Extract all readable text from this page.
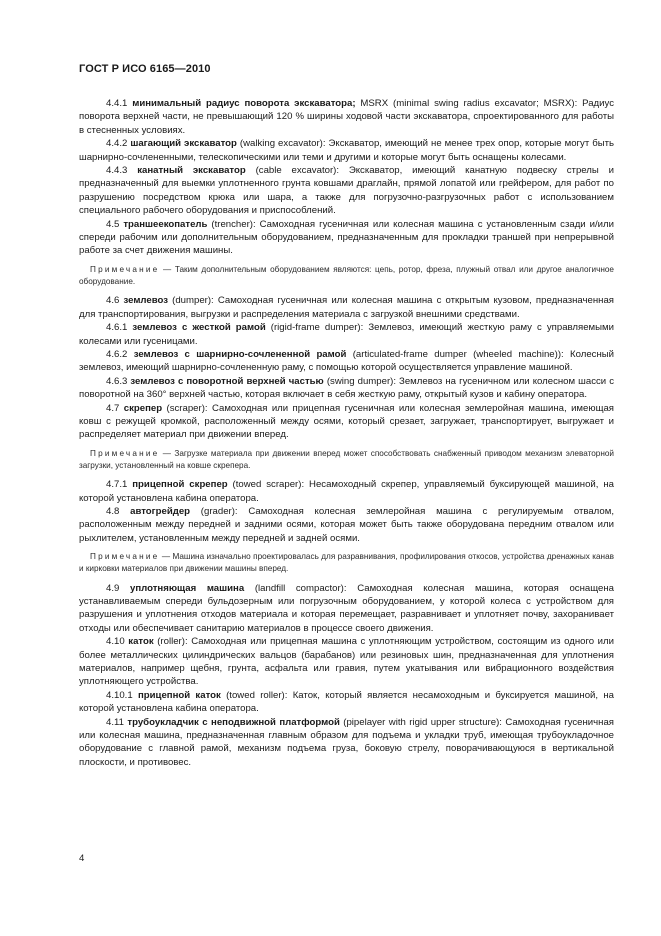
ГОСТ Р ИСО 6165—2010

4.4.1 минимальный радиус поворота экскаватора; MSRX (minimal swing radius excavator; MSRX): Радиус поворота верхней части, не превышающий 120 % ширины ходовой части экскаватора, спроектированного для работы в стесненных условиях.

4.4.2 шагающий экскаватор (walking excavator): Экскаватор, имеющий не менее трех опор, которые могут быть шарнирно-сочлененными, телескопическими или теми и другими и которые могут быть оснащены колесами.

4.4.3 канатный экскаватор (cable excavator): Экскаватор, имеющий канатную подвеску стрелы и предназначенный для выемки уплотненного грунта ковшами драглайн, прямой лопатой или грейфером, для работ по разрушению посредством крюка или шара, а также для погрузочно-разгрузочных работ с использованием специального рабочего оборудования и приспособлений.

4.5 траншеекопатель (trencher): Самоходная гусеничная или колесная машина с установленным сзади и/или спереди рабочим или дополнительным оборудованием, предназначенным для прокладки траншей при непрерывной работе за счет движения машины.

Примечание — Таким дополнительным оборудованием являются: цепь, ротор, фреза, плужный отвал или другое аналогичное оборудование.

4.6 землевоз (dumper): Самоходная гусеничная или колесная машина с открытым кузовом, предназначенная для транспортирования, выгрузки и распределения материала с загрузкой внешними средствами.

4.6.1 землевоз с жесткой рамой (rigid-frame dumper): Землевоз, имеющий жесткую раму с управляемыми колесами или гусеницами.

4.6.2 землевоз с шарнирно-сочлененной рамой (articulated-frame dumper (wheeled machine)): Колесный землевоз, имеющий шарнирно-сочлененную раму, с помощью которой осуществляется управление машиной.

4.6.3 землевоз с поворотной верхней частью (swing dumper): Землевоз на гусеничном или колесном шасси с поворотной на 360° верхней частью, которая включает в себя жесткую раму, открытый кузов и кабину оператора.

4.7 скрепер (scraper): Самоходная или прицепная гусеничная или колесная землеройная машина, имеющая ковш с режущей кромкой, расположенный между осями, который срезает, загружает, транспортирует, выгружает и распределяет материал при движении вперед.

Примечание — Загрузке материала при движении вперед может способствовать снабженный приводом механизм элеваторной загрузки, установленный на ковше скрепера.

4.7.1 прицепной скрепер (towed scraper): Несамоходный скрепер, управляемый буксирующей машиной, на которой установлена кабина оператора.

4.8 автогрейдер (grader): Самоходная колесная землеройная машина с регулируемым отвалом, расположенным между передней и задними осями, которая может быть также оборудована передним отвалом или рыхлителем, установленным между передней и задней осями.

Примечание — Машина изначально проектировалась для разравнивания, профилирования откосов, устройства дренажных канав и кирковки материалов при движении машины вперед.

4.9 уплотняющая машина (landfill compactor): Самоходная колесная машина, которая оснащена устанавливаемым спереди бульдозерным или погрузочным оборудованием, у которой колеса с устройством для разрушения и уплотнения отходов материала и которая перемещает, разравнивает и уплотняет почву, захоранивает отходы или обеспечивает санитарию материалов в процессе своего движения.

4.10 каток (roller): Самоходная или прицепная машина с уплотняющим устройством, состоящим из одного или более металлических цилиндрических вальцов (барабанов) или резиновых шин, предназначенная для уплотнения материалов, например щебня, грунта, асфальта или гравия, путем укатывания или вибрационного воздействия уплотняющего устройства.

4.10.1 прицепной каток (towed roller): Каток, который является несамоходным и буксируется машиной, на которой установлена кабина оператора.

4.11 трубоукладчик с неподвижной платформой (pipelayer with rigid upper structure): Самоходная гусеничная или колесная машина, предназначенная главным образом для подъема и укладки труб, имеющая трубоукладочное оборудование с главной рамой, механизм подъема груза, боковую стрелу, поворачивающуюся в вертикальной плоскости, и противовес.

4
